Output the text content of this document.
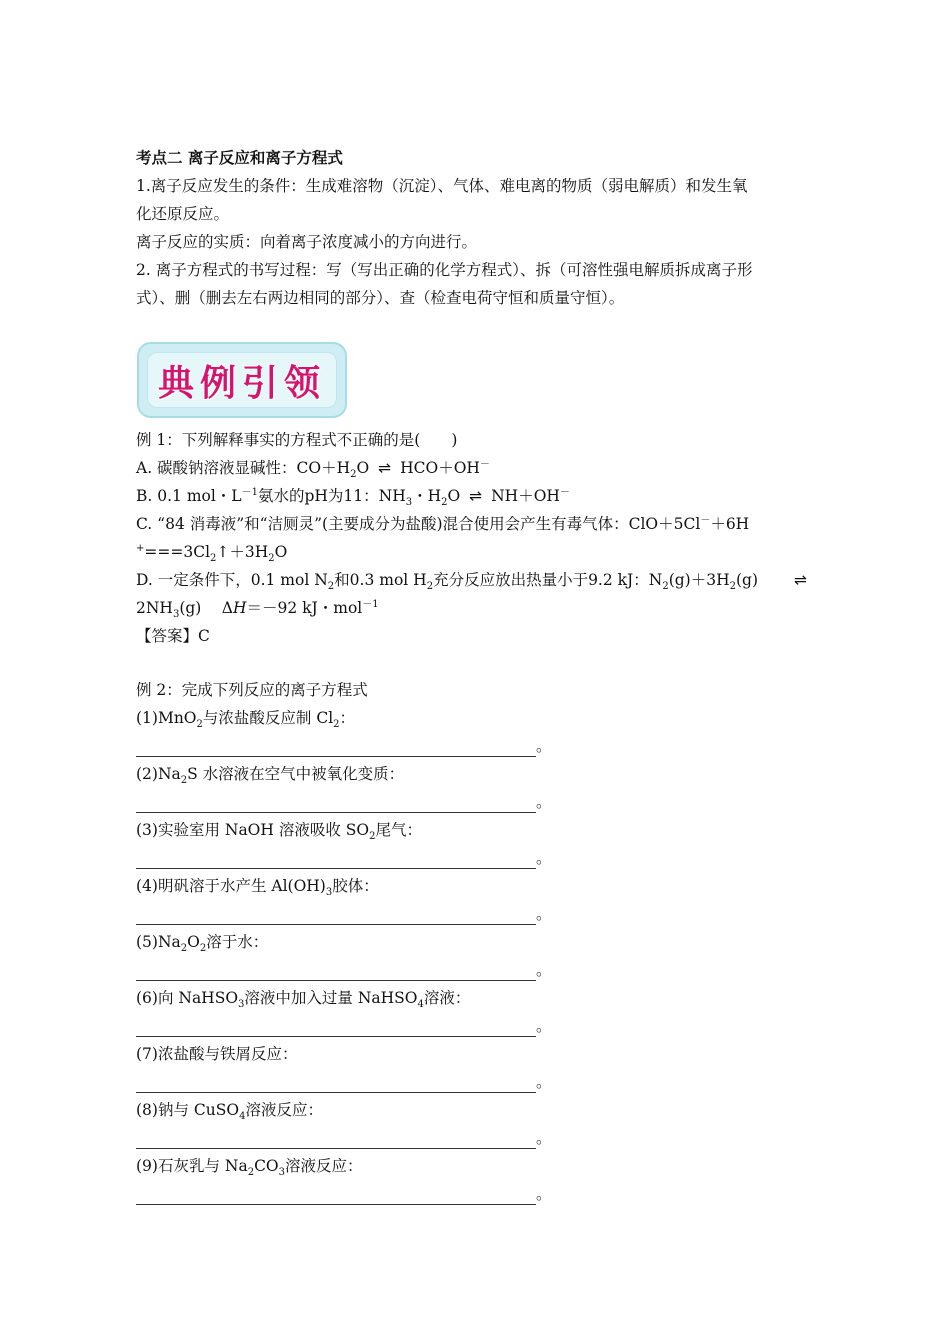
考点二 离子反应和离子方程式
1.离子反应发生的条件：生成难溶物（沉淀）、气体、难电离的物质（弱电解质）和发生氧
化还原反应。
离子反应的实质：向着离子浓度减小的方向进行。
2. 离子方程式的书写过程：写（写出正确的化学方程式）、拆（可溶性强电解质拆成离子形
式）、删（删去左右两边相同的部分）、查（检查电荷守恒和质量守恒）。
典例引领
例 1：下列解释事实的方程式不正确的是(　　)
A. 碳酸钠溶液显碱性：$CO+H_2O$ ⇌ HCO＋OH－
B. 0.1 mol・$L^{-1}$氨水的pH为11：$NH_3$・$H_2O$ ⇌ NH＋OH－
C. “84 消毒液”和“洁厕灵”(主要成分为盐酸)混合使用会产生有毒气体：ClO＋5Cl－＋6H
$^+===3Cl_2↑+3H_2O$
D. 一定条件下，0.1 mol $N_2$和0.3 mol $H_2$充分反应放出热量小于9.2 kJ：$N_2(g)+3H_2(g)$ ⇌
$2NH_3(g)$　 ΔH＝－92 kJ・mol$^{-1}$
【答案】C
例 2：完成下列反应的离子方程式
(1)MnO$_2$与浓盐酸反应制 $Cl_2$：
。
$(2)Na_2S$ 水溶液在空气中被氧化变质：
。
(3)实验室用 NaOH 溶液吸收 $SO_2$尾气：
。
(4)明矾溶于水产生 $Al(OH)_3$胶体：
。
$(5)Na_2O_2$溶于水：
。
(6)向 NaHSO$_3$溶液中加入过量 NaHSO$_4$溶液：
。
(7)浓盐酸与铁屑反应：
。
(8)钠与 CuSO$_4$溶液反应：
。
(9)石灰乳与 $Na_2CO_3$溶液反应：
。
